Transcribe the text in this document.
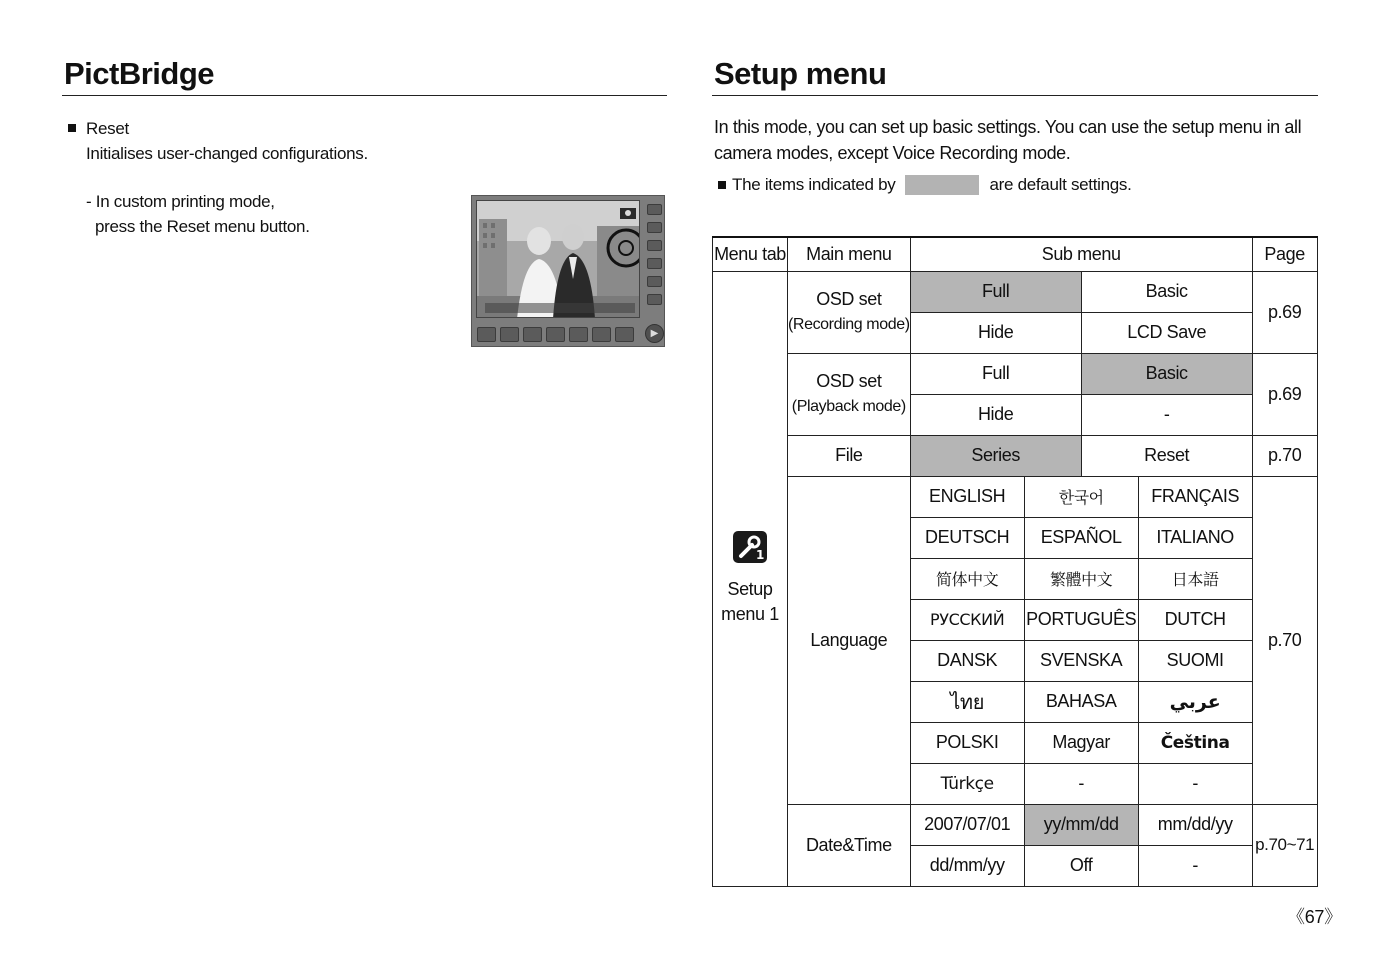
PictBridge
Reset
Initialises user-changed configurations.
- In custom printing mode,
press the Reset menu button.
▶
Setup menu
In this mode, you can set up basic settings. You can use the setup menu in all
camera modes, except Voice Recording mode.
The items indicated by	are default settings.
Menu tab	Main menu	Sub menu				Page

1
Setup
menu 1	OSD set
(Recording mode)	Full		Basic		p.69
		Hide		LCD Save		

	OSD set
(Playback mode)	Full		Basic		p.69
		Hide		-		
	File	Series		Reset		p.70
	Language	ENGLISH	한국어		FRANÇAIS	p.70
		DEUTSCH	ESPAÑOL		ITALIANO	
		简体中文	繁體中文		日本語	
		РУССКИЙ	PORTUGUÊS		DUTCH	
		DANSK	SVENSKA		SUOMI	
		ไทย	BAHASA		عربي	
		POLSKI	Magyar		Čeština	
		Türkçe	-		-	
	Date&Time	2007/07/01	yy/mm/dd		mm/dd/yy	p.70~71
		dd/mm/yy	Off		-	
《67》
